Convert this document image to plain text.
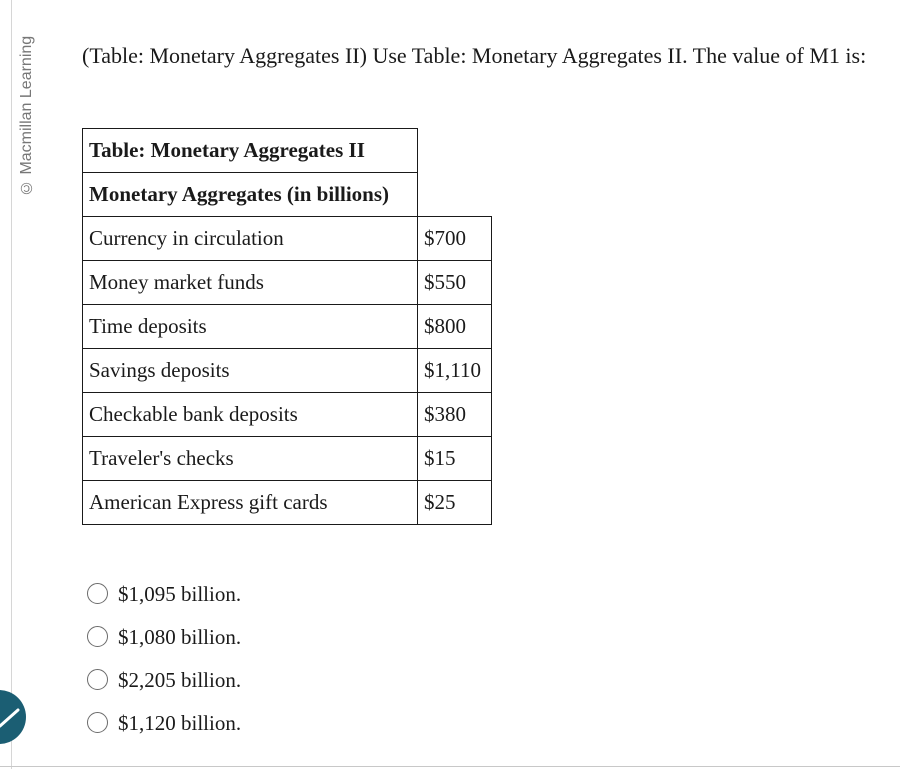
© Macmillan Learning (Table: Monetary Aggregates II) Use Table: Monetary Aggregates II. The value of M1 is:
Table: Monetary Aggregates II	
Monetary Aggregates (in billions)	
Currency in circulation	$700
Money market funds	$550
Time deposits	$800
Savings deposits	$1,110
Checkable bank deposits	$380
Traveler's checks	$15
American Express gift cards	$25
$1,095 billion.
$1,080 billion.
$2,205 billion.
$1,120 billion.
